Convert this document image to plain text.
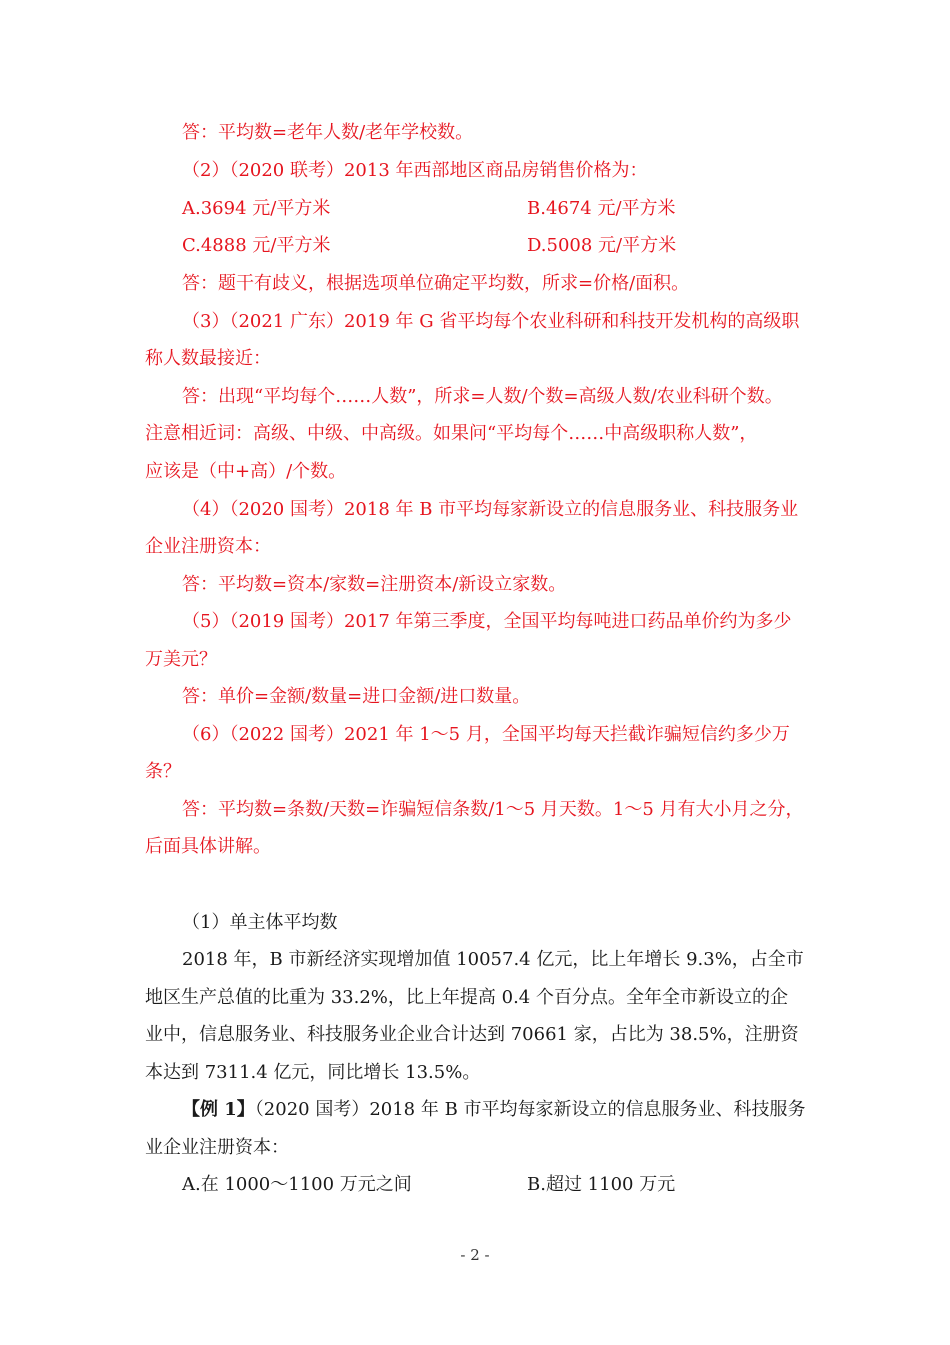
答：平均数=老年人数/老年学校数。
（2）（2020 联考）2013 年西部地区商品房销售价格为：
A.3694 元/平方米	B.4674 元/平方米
C.4888 元/平方米	D.5008 元/平方米
答：题干有歧义，根据选项单位确定平均数，所求=价格/面积。
（3）（2021 广东）2019 年 G 省平均每个农业科研和科技开发机构的高级职
称人数最接近：
答：出现“平均每个……人数”，所求=人数/个数=高级人数/农业科研个数。
注意相近词：高级、中级、中高级。如果问“平均每个……中高级职称人数”，
应该是（中+高）/个数。
（4）（2020 国考）2018 年 B 市平均每家新设立的信息服务业、科技服务业
企业注册资本：
答：平均数=资本/家数=注册资本/新设立家数。
（5）（2019 国考）2017 年第三季度，全国平均每吨进口药品单价约为多少
万美元？
答：单价=金额/数量=进口金额/进口数量。
（6）（2022 国考）2021 年 1～5 月，全国平均每天拦截诈骗短信约多少万
条？
答：平均数=条数/天数=诈骗短信条数/1～5 月天数。1～5 月有大小月之分，
后面具体讲解。
（1）单主体平均数
2018 年，B 市新经济实现增加值 10057.4 亿元，比上年增长 9.3%，占全市
地区生产总值的比重为 33.2%，比上年提高 0.4 个百分点。全年全市新设立的企
业中，信息服务业、科技服务业企业合计达到 70661 家，占比为 38.5%，注册资
本达到 7311.4 亿元，同比增长 13.5%。
【例 1】（2020 国考）2018 年 B 市平均每家新设立的信息服务业、科技服务
业企业注册资本：
A.在 1000～1100 万元之间	B.超过 1100 万元
- 2 -
